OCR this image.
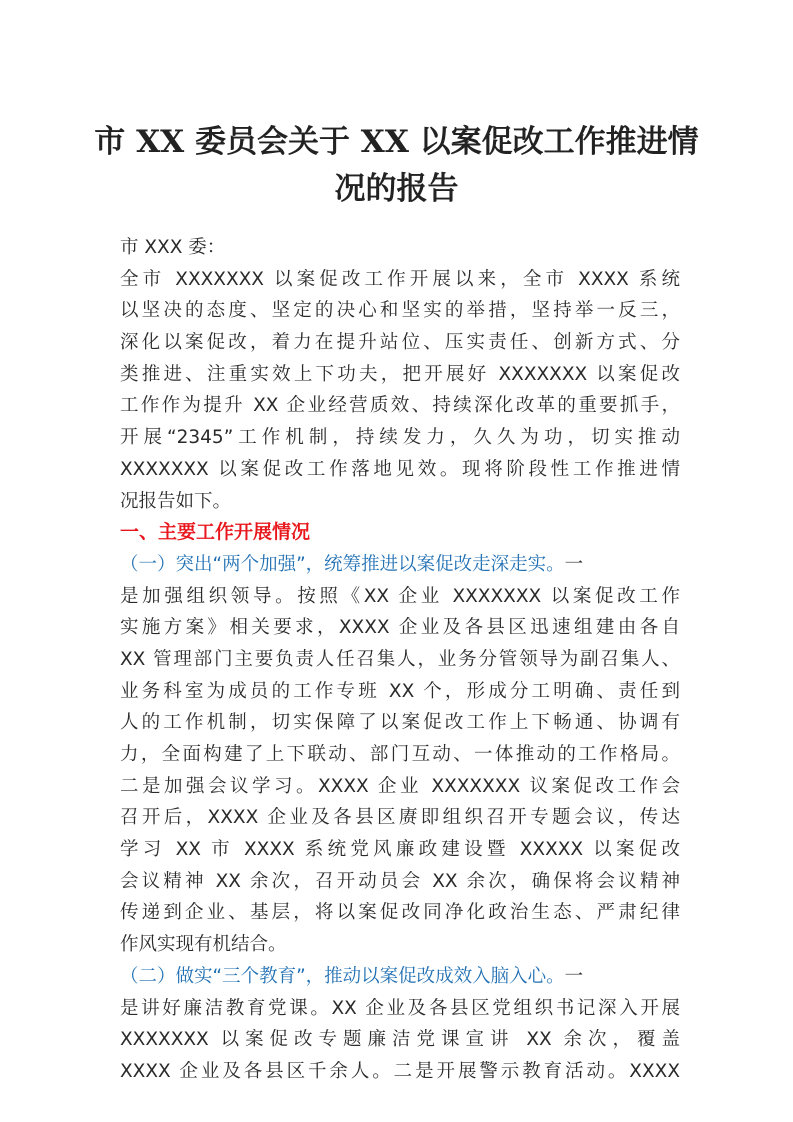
市 XX 委员会关于 XX 以案促改工作推进情
况的报告
市 XXX 委：
全市 XXXXXXX 以案促改工作开展以来，全市 XXXX 系统
以坚决的态度、坚定的决心和坚实的举措，坚持举一反三，
深化以案促改，着力在提升站位、压实责任、创新方式、分
类推进、注重实效上下功夫，把开展好 XXXXXXX 以案促改
工作作为提升 XX 企业经营质效、持续深化改革的重要抓手，
开展“2345”工作机制，持续发力，久久为功，切实推动
XXXXXXX 以案促改工作落地见效。现将阶段性工作推进情
况报告如下。
一、主要工作开展情况
（一）突出“两个加强”，统筹推进以案促改走深走实。一
是加强组织领导。按照《XX 企业 XXXXXXX 以案促改工作
实施方案》相关要求，XXXX 企业及各县区迅速组建由各自
XX 管理部门主要负责人任召集人，业务分管领导为副召集人、
业务科室为成员的工作专班 XX 个，形成分工明确、责任到
人的工作机制，切实保障了以案促改工作上下畅通、协调有
力，全面构建了上下联动、部门互动、一体推动的工作格局。
二是加强会议学习。XXXX 企业 XXXXXXX 议案促改工作会
召开后，XXXX 企业及各县区赓即组织召开专题会议，传达
学习 XX 市 XXXX 系统党风廉政建设暨 XXXXX 以案促改
会议精神 XX 余次，召开动员会 XX 余次，确保将会议精神
传递到企业、基层，将以案促改同净化政治生态、严肃纪律
作风实现有机结合。
（二）做实“三个教育”，推动以案促改成效入脑入心。一
是讲好廉洁教育党课。XX 企业及各县区党组织书记深入开展
XXXXXXX 以案促改专题廉洁党课宣讲 XX 余次，覆盖
XXXX 企业及各县区千余人。二是开展警示教育活动。XXXX
